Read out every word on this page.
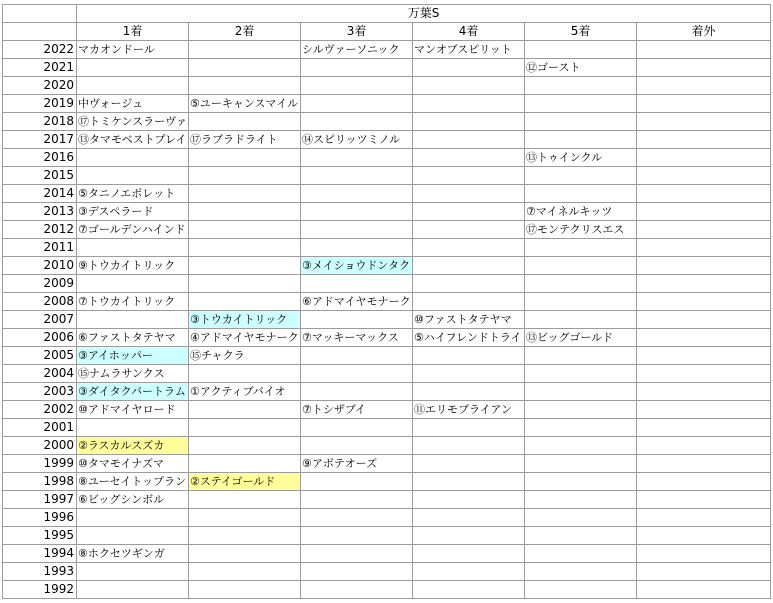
	万葉S					
	1着	2着	3着	4着	5着	着外
2022	マカオンドール		シルヴァーソニック	マンオブスピリット		
2021					⑫ゴースト	
2020						
2019	中ヴォージュ	⑤ユーキャンスマイル				
2018	⑰トミケンスラーヴァ					
2017	⑬タマモベストプレイ	⑰ラブラドライト	⑭スピリッツミノル			
2016					⑬トゥインクル	
2015						
2014	⑤タニノエポレット					
2013	③デスペラード				⑦マイネルキッツ	
2012	⑦ゴールデンハインド				⑰モンテクリスエス	
2011						
2010	⑨トウカイトリック		③メイショウドンタク			
2009						
2008	⑦トウカイトリック		⑥アドマイヤモナーク			
2007		③トウカイトリック		⑩ファストタテヤマ		
2006	⑥ファストタテヤマ	④アドマイヤモナーク	⑦マッキーマックス	⑤ハイフレンドトライ	⑬ビッグゴールド	
2005	③アイホッパー	⑮チャクラ				
2004	⑮ナムラサンクス					
2003	③ダイタクバートラム	①アクティブバイオ				
2002	⑩アドマイヤロード		⑦トシザブイ	⑪エリモブライアン		
2001						
2000	②ラスカルスズカ					
1999	⑩タマモイナズマ		⑨アボテオーズ			
1998	⑧ユーセイトップラン	②ステイゴールド				
1997	⑥ビッグシンボル					
1996						
1995						
1994	⑧ホクセツギンガ					
1993						
1992						
